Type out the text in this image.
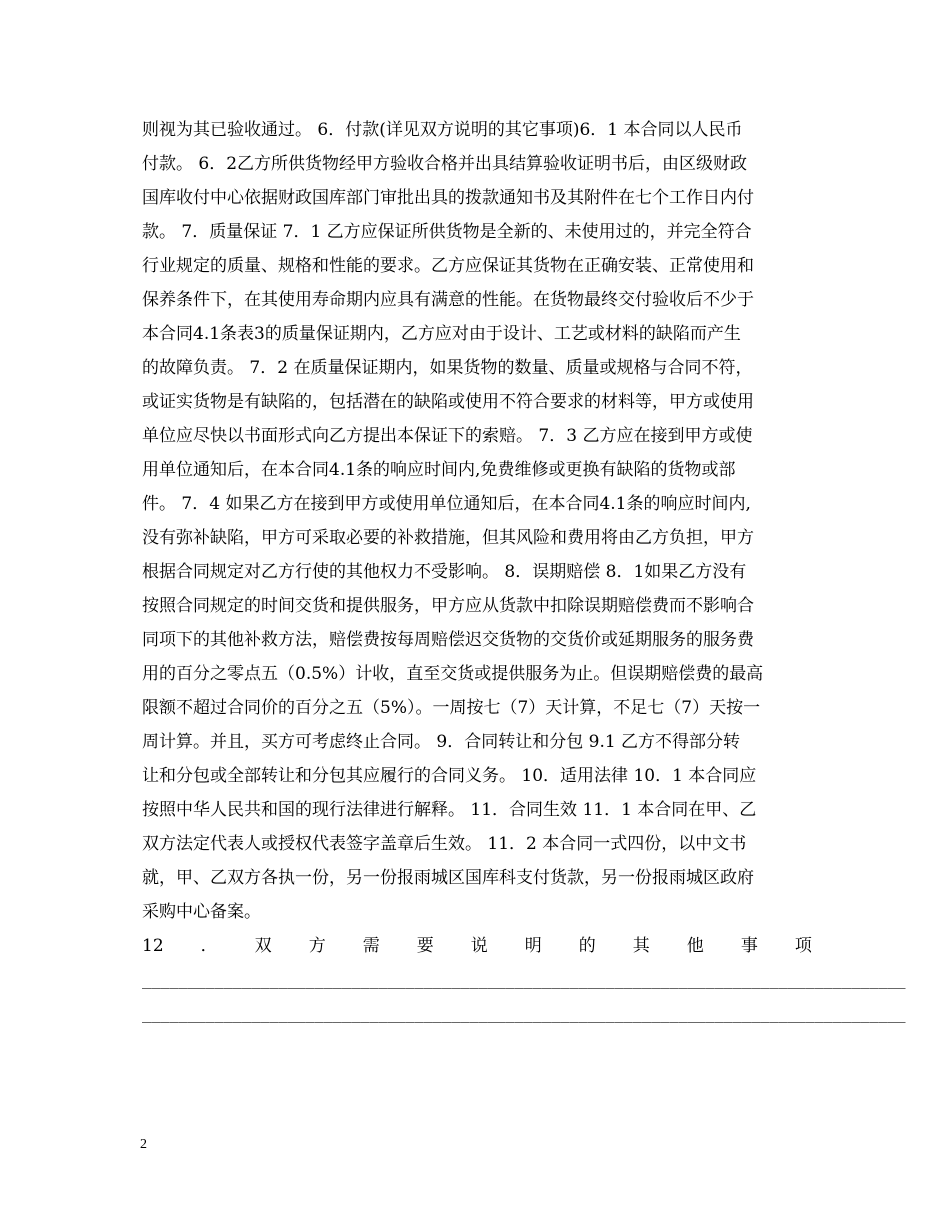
则视为其已验收通过。 6．付款(详见双方说明的其它事项)6．1 本合同以人民币
付款。 6．2乙方所供货物经甲方验收合格并出具结算验收证明书后，由区级财政
国库收付中心依据财政国库部门审批出具的拨款通知书及其附件在七个工作日内付
款。 7．质量保证 7．1 乙方应保证所供货物是全新的、未使用过的，并完全符合
行业规定的质量、规格和性能的要求。乙方应保证其货物在正确安装、正常使用和
保养条件下，在其使用寿命期内应具有满意的性能。在货物最终交付验收后不少于
本合同4.1条表3的质量保证期内，乙方应对由于设计、工艺或材料的缺陷而产生
的故障负责。 7．2 在质量保证期内，如果货物的数量、质量或规格与合同不符，
或证实货物是有缺陷的，包括潜在的缺陷或使用不符合要求的材料等，甲方或使用
单位应尽快以书面形式向乙方提出本保证下的索赔。 7．3 乙方应在接到甲方或使
用单位通知后，在本合同4.1条的响应时间内,免费维修或更换有缺陷的货物或部
件。 7．4 如果乙方在接到甲方或使用单位通知后，在本合同4.1条的响应时间内,
没有弥补缺陷，甲方可采取必要的补救措施，但其风险和费用将由乙方负担，甲方
根据合同规定对乙方行使的其他权力不受影响。 8．误期赔偿 8．1如果乙方没有
按照合同规定的时间交货和提供服务，甲方应从货款中扣除误期赔偿费而不影响合
同项下的其他补救方法，赔偿费按每周赔偿迟交货物的交货价或延期服务的服务费
用的百分之零点五（0.5%）计收，直至交货或提供服务为止。但误期赔偿费的最高
限额不超过合同价的百分之五（5%）。一周按七（7）天计算，不足七（7）天按一
周计算。并且，买方可考虑终止合同。 9．合同转让和分包 9.1 乙方不得部分转
让和分包或全部转让和分包其应履行的合同义务。 10．适用法律 10．1 本合同应
按照中华人民共和国的现行法律进行解释。 11．合同生效 11．1 本合同在甲、乙
双方法定代表人或授权代表签字盖章后生效。 11．2 本合同一式四份，以中文书
就，甲、乙双方各执一份，另一份报雨城区国库科支付货款，另一份报雨城区政府
采购中心备案。
12 ． 双 方 需 要 说 明 的 其 他 事 项
____________________________________________________________________________________
____________________________________________________________________________________
2
